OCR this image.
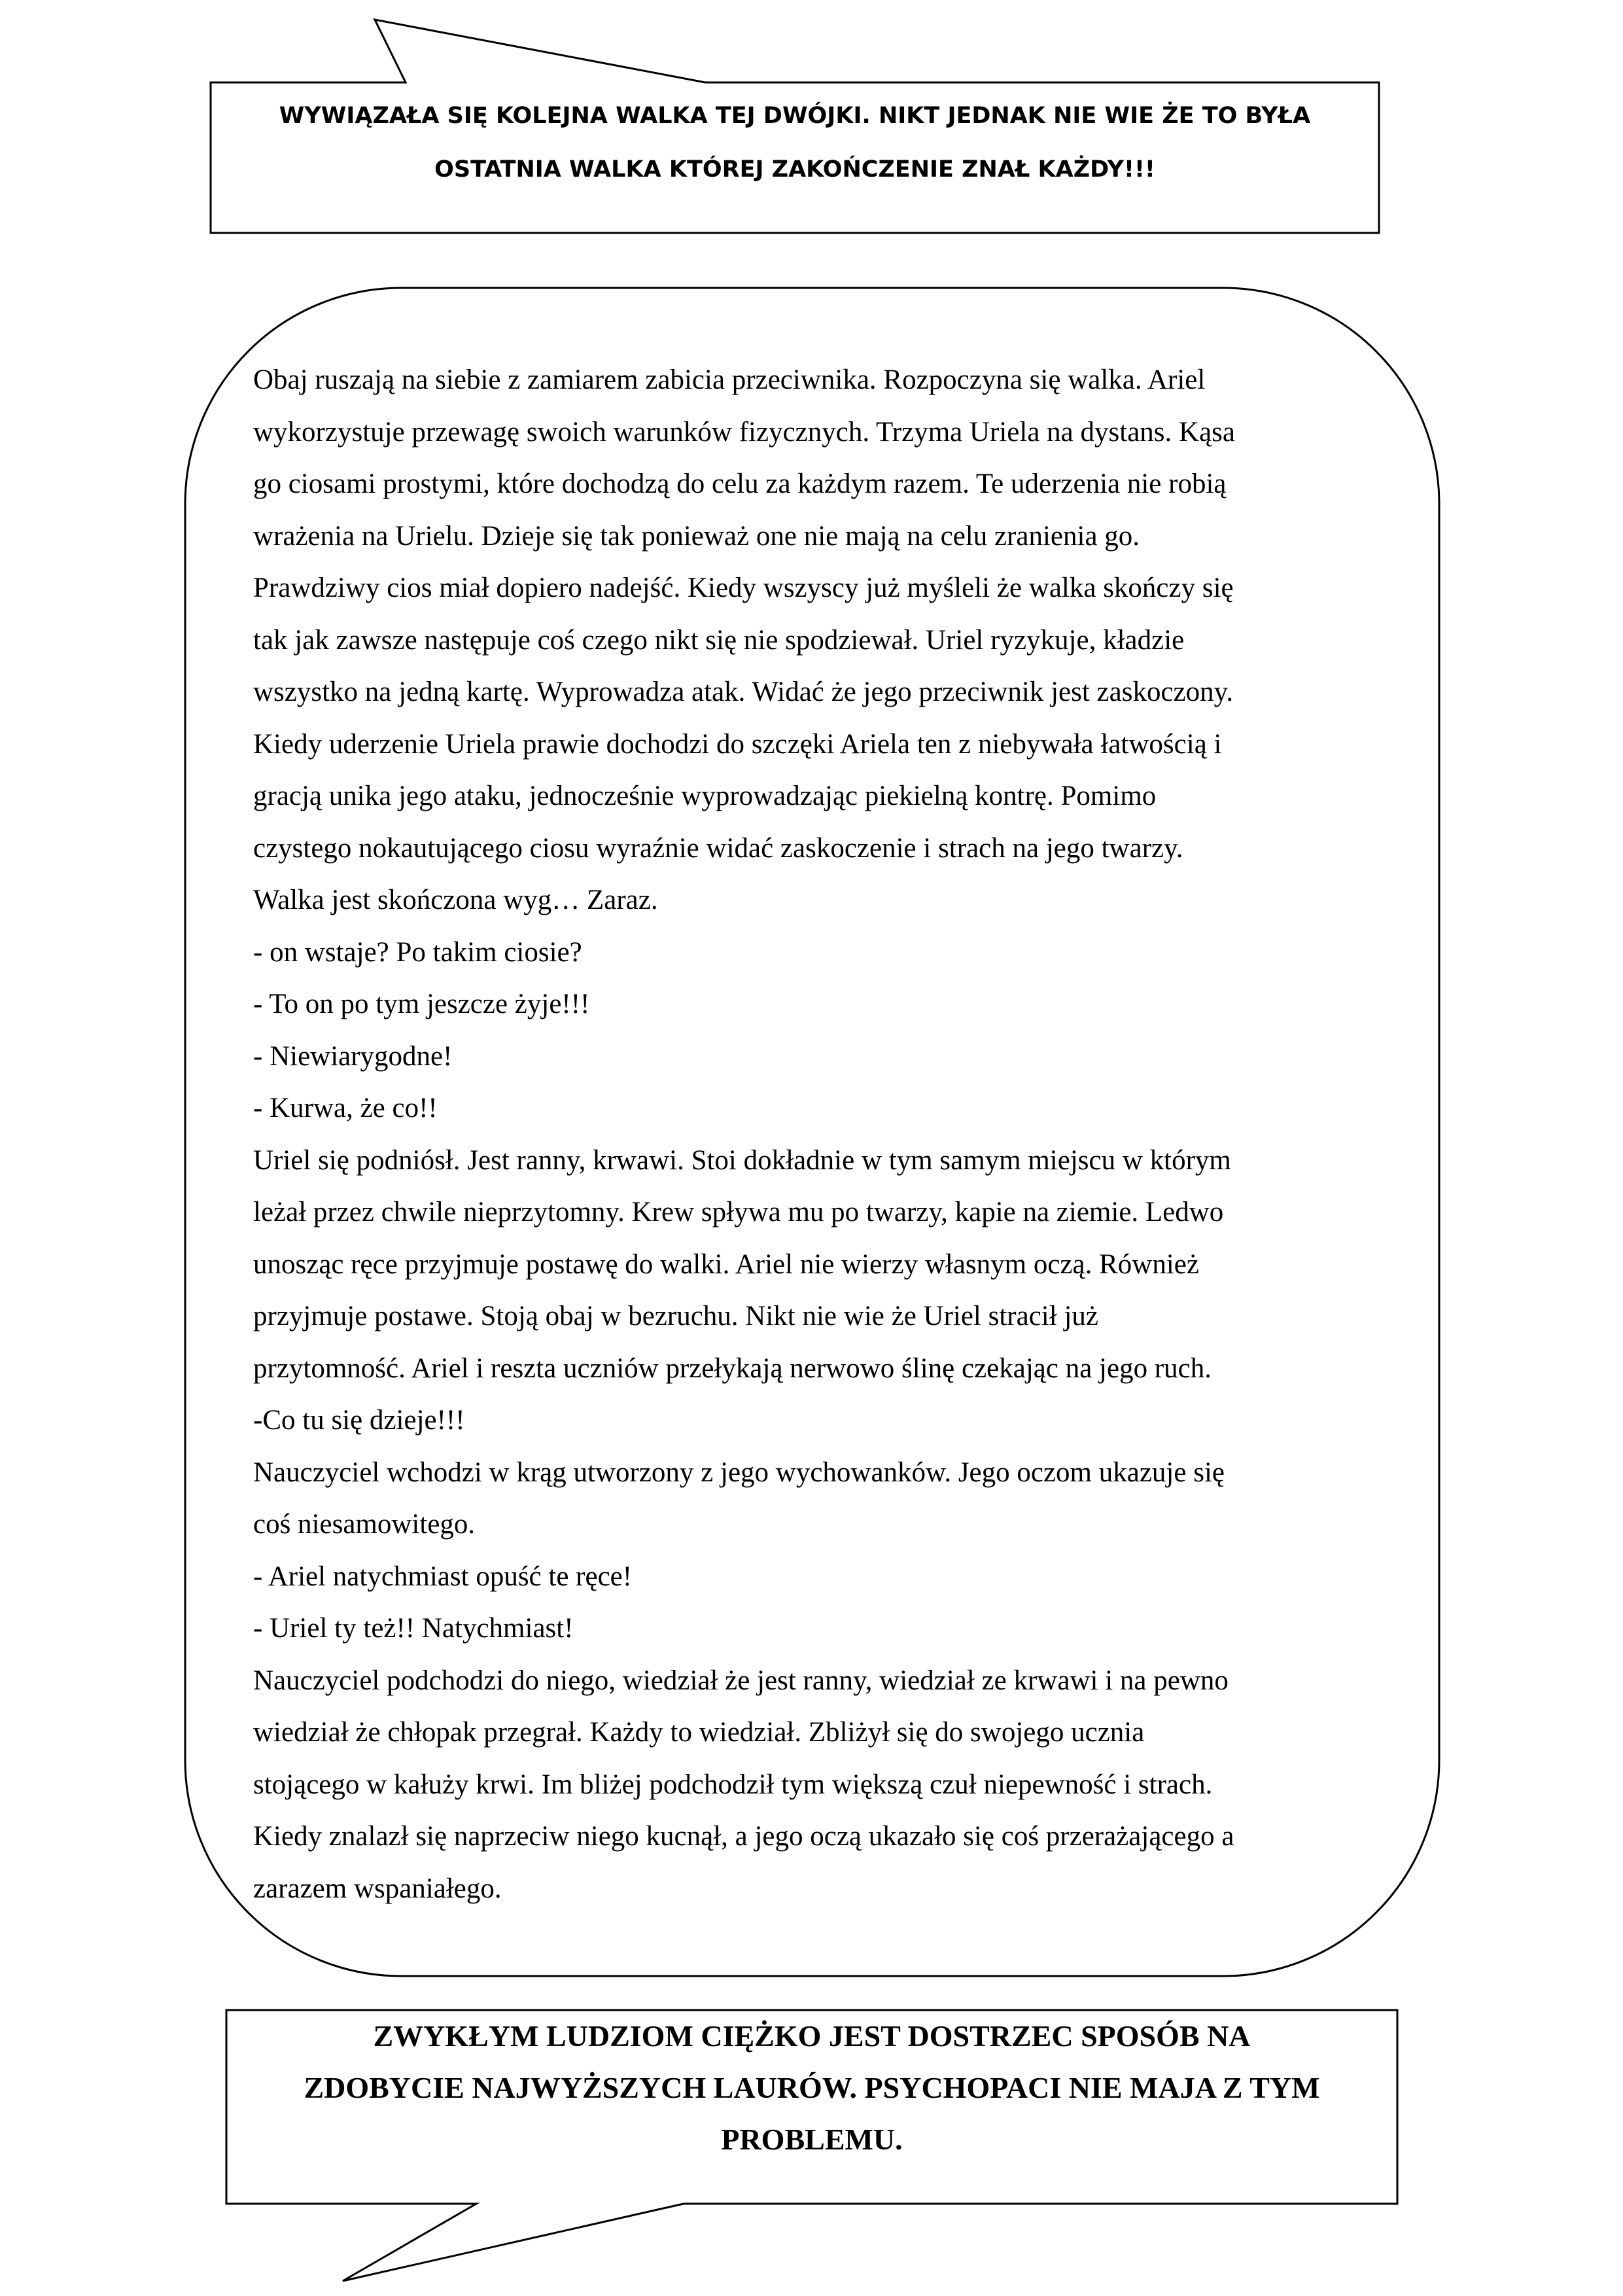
WYWIĄZAŁA SIĘ KOLEJNA WALKA TEJ DWÓJKI. NIKT JEDNAK NIE WIE ŻE TO BYŁA
OSTATNIA WALKA KTÓREJ ZAKOŃCZENIE ZNAŁ KAŻDY!!!
Obaj ruszają na siebie z zamiarem zabicia przeciwnika. Rozpoczyna się walka. Ariel
wykorzystuje przewagę swoich warunków fizycznych. Trzyma Uriela na dystans. Kąsa
go ciosami prostymi, które dochodzą do celu za każdym razem. Te uderzenia nie robią
wrażenia na Urielu. Dzieje się tak ponieważ one nie mają na celu zranienia go.
Prawdziwy cios miał dopiero nadejść. Kiedy wszyscy już myśleli że walka skończy się
tak jak zawsze następuje coś czego nikt się nie spodziewał. Uriel ryzykuje, kładzie
wszystko na jedną kartę. Wyprowadza atak. Widać że jego przeciwnik jest zaskoczony.
Kiedy uderzenie Uriela prawie dochodzi do szczęki Ariela ten z niebywała łatwością i
gracją unika jego ataku, jednocześnie wyprowadzając piekielną kontrę. Pomimo
czystego nokautującego ciosu wyraźnie widać zaskoczenie i strach na jego twarzy.
Walka jest skończona wyg… Zaraz.
- on wstaje? Po takim ciosie?
- To on po tym jeszcze żyje!!!
- Niewiarygodne!
- Kurwa, że co!!
Uriel się podniósł. Jest ranny, krwawi. Stoi dokładnie w tym samym miejscu w którym
leżał przez chwile nieprzytomny. Krew spływa mu po twarzy, kapie na ziemie. Ledwo
unosząc ręce przyjmuje postawę do walki. Ariel nie wierzy własnym oczą. Również
przyjmuje postawe. Stoją obaj w bezruchu. Nikt nie wie że Uriel stracił już
przytomność. Ariel i reszta uczniów przełykają nerwowo ślinę czekając na jego ruch.
-Co tu się dzieje!!!
Nauczyciel wchodzi w krąg utworzony z jego wychowanków. Jego oczom ukazuje się
coś niesamowitego.
- Ariel natychmiast opuść te ręce!
- Uriel ty też!! Natychmiast!
Nauczyciel podchodzi do niego, wiedział że jest ranny, wiedział ze krwawi i na pewno
wiedział że chłopak przegrał. Każdy to wiedział. Zbliżył się do swojego ucznia
stojącego w kałuży krwi. Im bliżej podchodził tym większą czuł niepewność i strach.
Kiedy znalazł się naprzeciw niego kucnął, a jego oczą ukazało się coś przerażającego a
zarazem wspaniałego.
ZWYKŁYM LUDZIOM CIĘŻKO JEST DOSTRZEC SPOSÓB NA
ZDOBYCIE NAJWYŻSZYCH LAURÓW. PSYCHOPACI NIE MAJA Z TYM
PROBLEMU.
